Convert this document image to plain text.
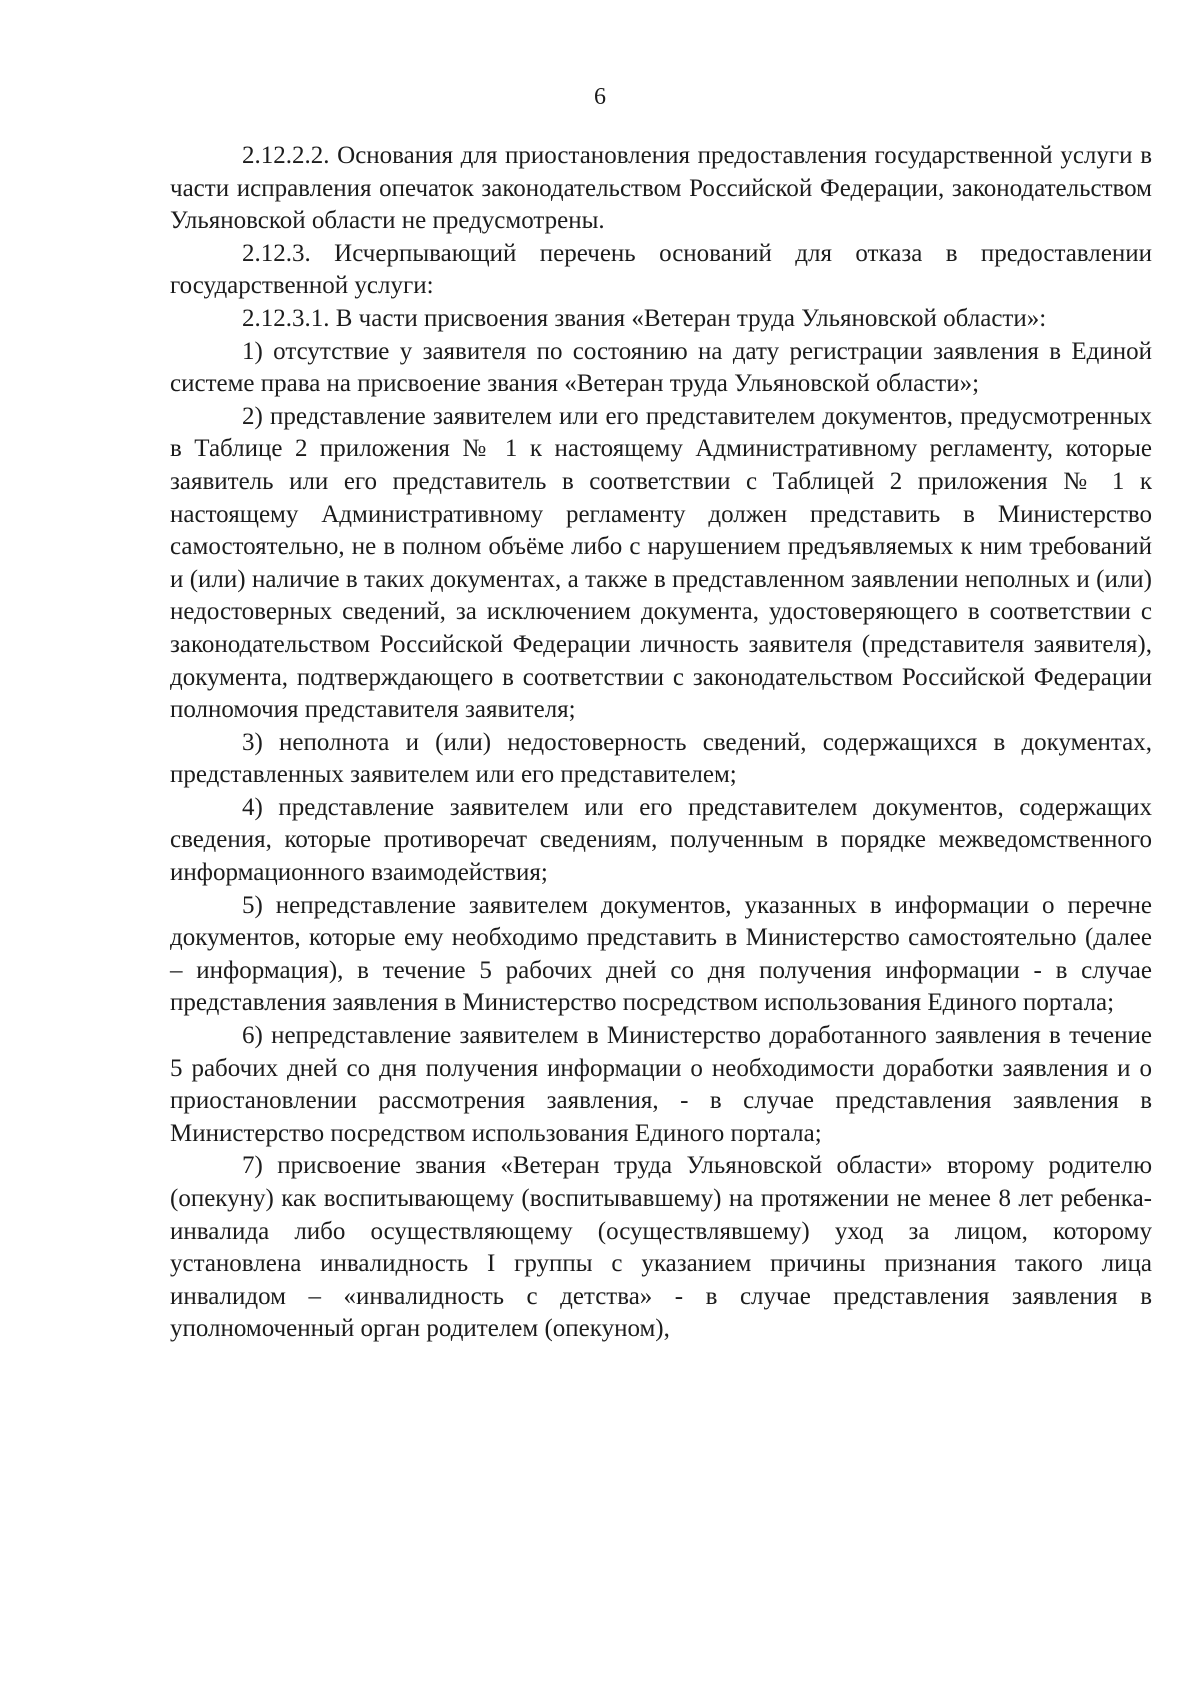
6

2.12.2.2. Основания для приостановления предоставления государственной услуги в части исправления опечаток законодательством Российской Федерации, законодательством Ульяновской области не предусмотрены.

2.12.3. Исчерпывающий перечень оснований для отказа в предоставлении государственной услуги:

2.12.3.1. В части присвоения звания «Ветеран труда Ульяновской области»:

1) отсутствие у заявителя по состоянию на дату регистрации заявления в Единой системе права на присвоение звания «Ветеран труда Ульяновской области»;

2) представление заявителем или его представителем документов, предусмотренных в Таблице 2 приложения № 1 к настоящему Административному регламенту, которые заявитель или его представитель в соответствии с Таблицей 2 приложения № 1 к настоящему Административному регламенту должен представить в Министерство самостоятельно, не в полном объёме либо с нарушением предъявляемых к ним требований и (или) наличие в таких документах, а также в представленном заявлении неполных и (или) недостоверных сведений, за исключением документа, удостоверяющего в соответствии с законодательством Российской Федерации личность заявителя (представителя заявителя), документа, подтверждающего в соответствии с законодательством Российской Федерации полномочия представителя заявителя;

3) неполнота и (или) недостоверность сведений, содержащихся в документах, представленных заявителем или его представителем;

4) представление заявителем или его представителем документов, содержащих сведения, которые противоречат сведениям, полученным в порядке межведомственного информационного взаимодействия;

5) непредставление заявителем документов, указанных в информации о перечне документов, которые ему необходимо представить в Министерство самостоятельно (далее – информация), в течение 5 рабочих дней со дня получения информации - в случае представления заявления в Министерство посредством использования Единого портала;

6) непредставление заявителем в Министерство доработанного заявления в течение 5 рабочих дней со дня получения информации о необходимости доработки заявления и о приостановлении рассмотрения заявления, - в случае представления заявления в Министерство посредством использования Единого портала;

7) присвоение звания «Ветеран труда Ульяновской области» второму родителю (опекуну) как воспитывающему (воспитывавшему) на протяжении не менее 8 лет ребенка-инвалида либо осуществляющему (осуществлявшему) уход за лицом, которому установлена инвалидность I группы с указанием причины признания такого лица инвалидом – «инвалидность с детства» - в случае представления заявления в уполномоченный орган родителем (опекуном),
